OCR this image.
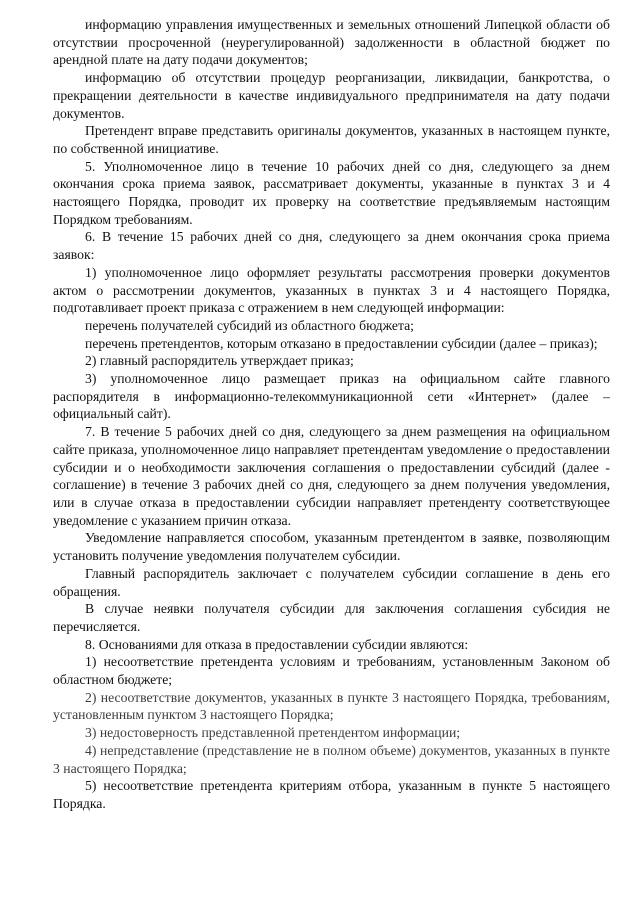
информацию управления имущественных и земельных отношений Липецкой области об отсутствии просроченной (неурегулированной) задолженности в областной бюджет по арендной плате на дату подачи документов;

информацию об отсутствии процедур реорганизации, ликвидации, банкротства, о прекращении деятельности в качестве индивидуального предпринимателя на дату подачи документов.

Претендент вправе представить оригиналы документов, указанных в настоящем пункте, по собственной инициативе.

5. Уполномоченное лицо в течение 10 рабочих дней со дня, следующего за днем окончания срока приема заявок, рассматривает документы, указанные в пунктах 3 и 4 настоящего Порядка, проводит их проверку на соответствие предъявляемым настоящим Порядком требованиям.

6. В течение 15 рабочих дней со дня, следующего за днем окончания срока приема заявок:

1) уполномоченное лицо оформляет результаты рассмотрения проверки документов актом о рассмотрении документов, указанных в пунктах 3 и 4 настоящего Порядка, подготавливает проект приказа с отражением в нем следующей информации:

перечень получателей субсидий из областного бюджета;

перечень претендентов, которым отказано в предоставлении субсидии (далее – приказ);

2) главный распорядитель утверждает приказ;

3) уполномоченное лицо размещает приказ на официальном сайте главного распорядителя в информационно-телекоммуникационной сети «Интернет» (далее – официальный сайт).

7. В течение 5 рабочих дней со дня, следующего за днем размещения на официальном сайте приказа, уполномоченное лицо направляет претендентам уведомление о предоставлении субсидии и о необходимости заключения соглашения о предоставлении субсидий (далее - соглашение) в течение 3 рабочих дней со дня, следующего за днем получения уведомления, или в случае отказа в предоставлении субсидии направляет претенденту соответствующее уведомление с указанием причин отказа.

Уведомление направляется способом, указанным претендентом в заявке, позволяющим установить получение уведомления получателем субсидии.

Главный распорядитель заключает с получателем субсидии соглашение в день его обращения.

В случае неявки получателя субсидии для заключения соглашения субсидия не перечисляется.

8. Основаниями для отказа в предоставлении субсидии являются:

1) несоответствие претендента условиям и требованиям, установленным Законом об областном бюджете;

2) несоответствие документов, указанных в пункте 3 настоящего Порядка, требованиям, установленным пунктом 3 настоящего Порядка;

3) недостоверность представленной претендентом информации;

4) непредставление (представление не в полном объеме) документов, указанных в пункте 3 настоящего Порядка;

5) несоответствие претендента критериям отбора, указанным в пункте 5 настоящего Порядка.
